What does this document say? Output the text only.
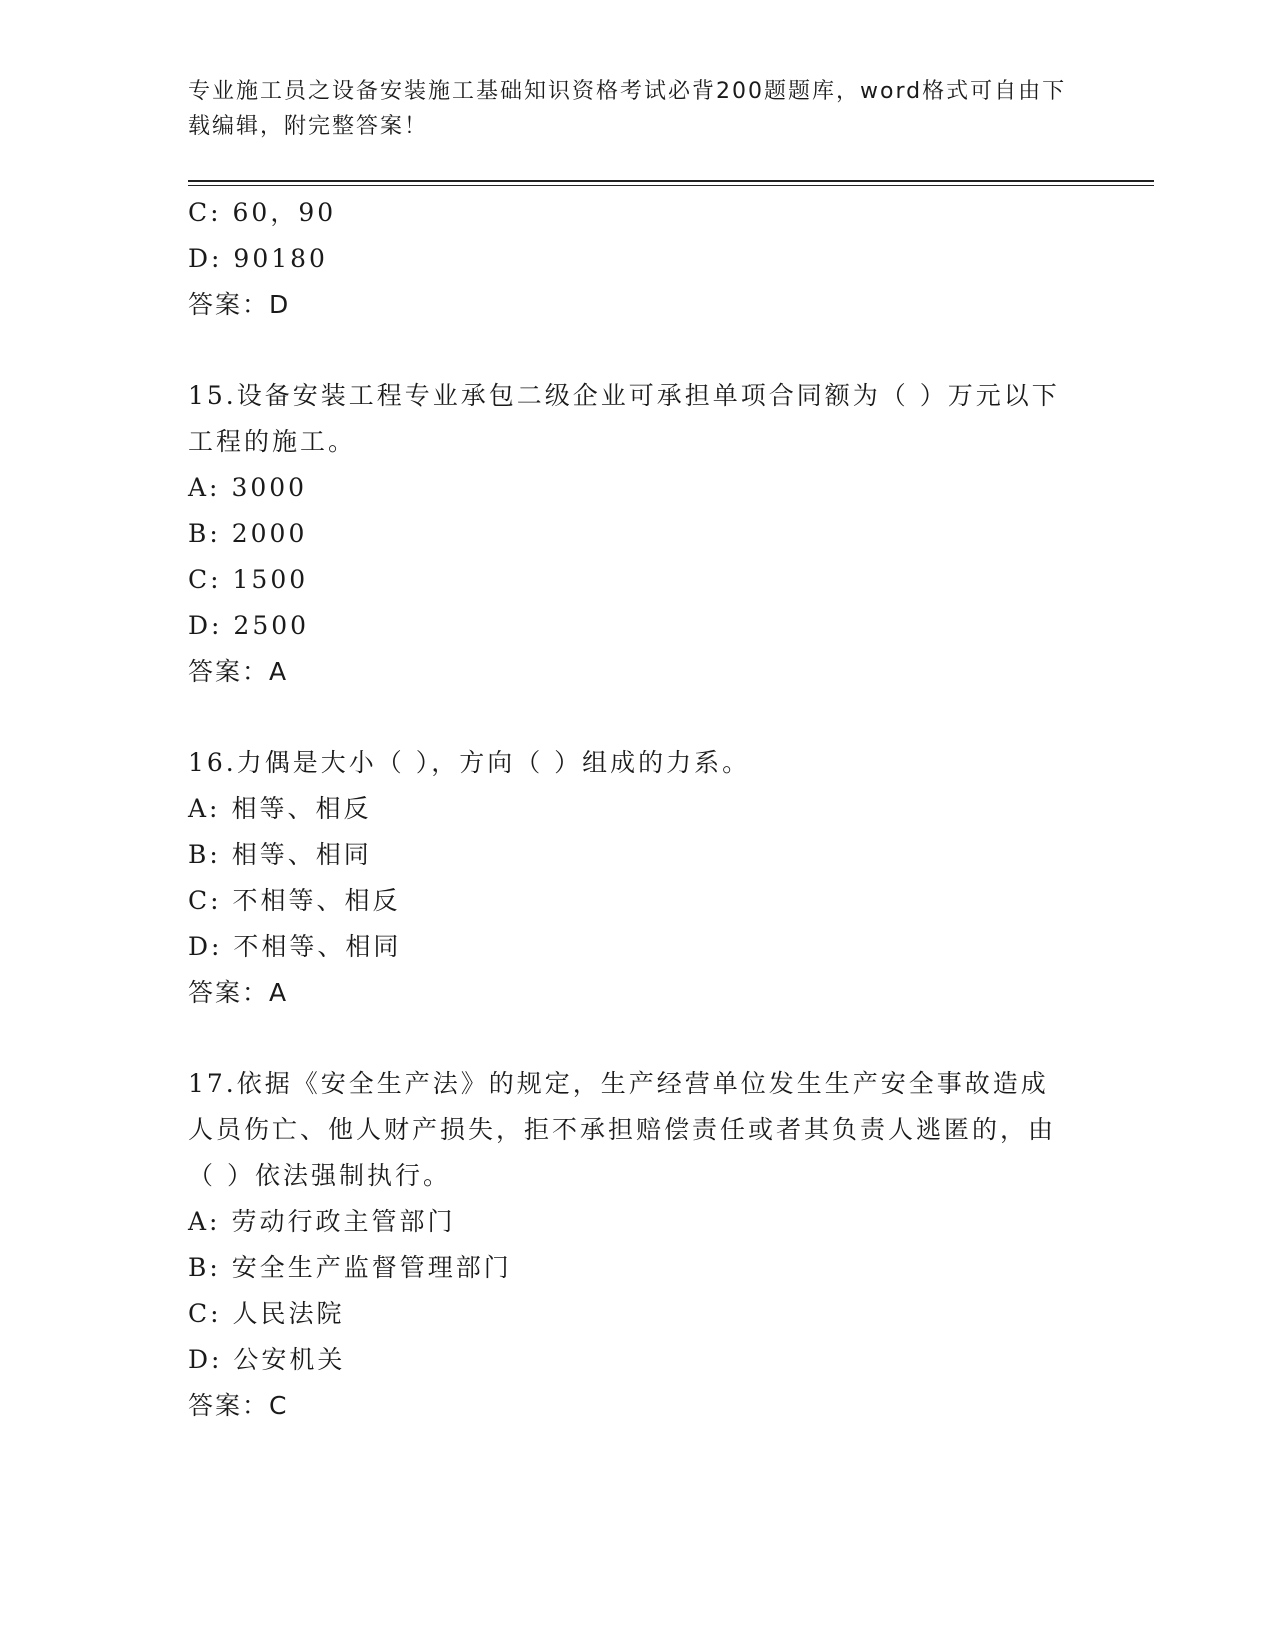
专业施工员之设备安装施工基础知识资格考试必背200题题库，word格式可自由下载编辑，附完整答案！
C: 60，90
D: 90180
答案：D
15.设备安装工程专业承包二级企业可承担单项合同额为（ ）万元以下工程的施工。
A: 3000
B: 2000
C: 1500
D: 2500
答案：A
16.力偶是大小（ ），方向（ ）组成的力系。
A: 相等、相反
B: 相等、相同
C: 不相等、相反
D: 不相等、相同
答案：A
17.依据《安全生产法》的规定，生产经营单位发生生产安全事故造成人员伤亡、他人财产损失，拒不承担赔偿责任或者其负责人逃匿的，由（ ）依法强制执行。
A: 劳动行政主管部门
B: 安全生产监督管理部门
C: 人民法院
D: 公安机关
答案：C
